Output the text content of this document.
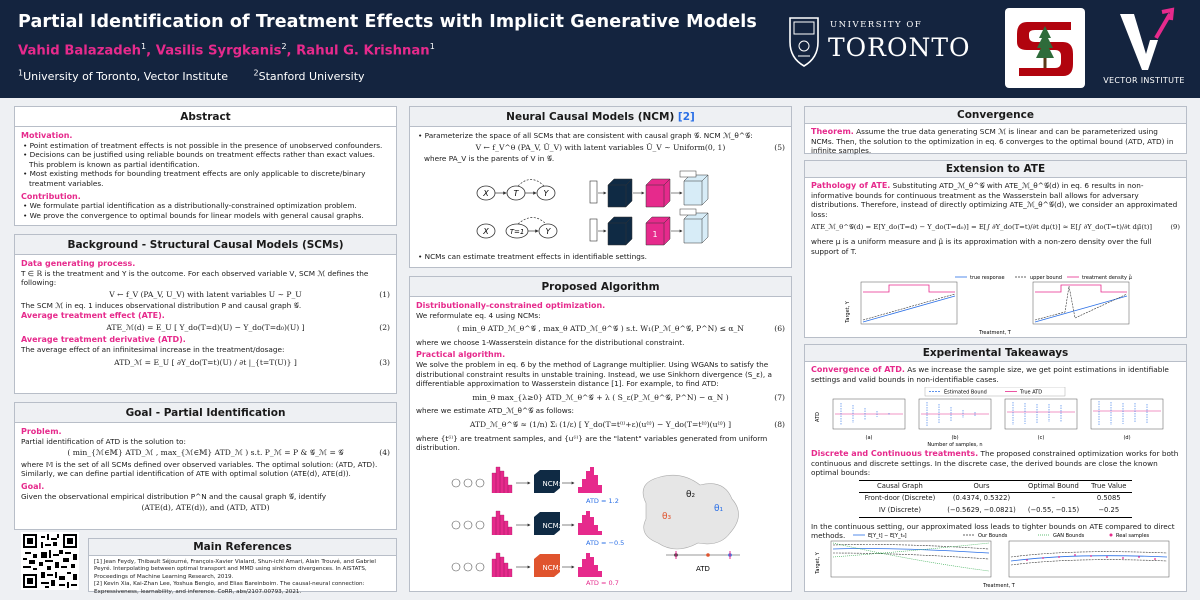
Partial Identification of Treatment Effects with Implicit Generative Models
Vahid Balazadeh$^1$, Vasilis Syrgkanis$^2$, Rahul G. Krishnan$^1$
$^1$University of Toronto, Vector Institute	$^2$Stanford University
UNIVERSITY OF
TORONTO
VECTOR INSTITUTE
Abstract
Motivation.
• Point estimation of treatment effects is not possible in the presence of unobserved confounders.
• Decisions can be justified using reliable bounds on treatment effects rather than exact values. This problem is known as partial identification.
• Most existing methods for bounding treatment effects are only applicable to discrete/binary treatment variables.
Contribution.
• We formulate partial identification as a distributionally-constrained optimization problem.
• We prove the convergence to optimal bounds for linear models with general causal graphs.
Background - Structural Causal Models (SCMs)
Data generating process.
T ∈ ℝ is the treatment and Y is the outcome. For each observed variable V, SCM ℳ defines the following:
V ← f_V (PA_V, U_V) with latent variables U ∼ P_U	(1)
The SCM ℳ in eq. 1 induces observational distribution P and causal graph 𝒢.
Average treatment effect (ATE).
ATE_ℳ(d) = E_U [ Y_do(T=d)(U) − Y_do(T=d₀)(U) ]	(2)
Average treatment derivative (ATD).
The average effect of an infinitesimal increase in the treatment/dosage:
ATD_ℳ = E_U [ ∂Y_do(T=t)(U) / ∂t |_{t=T(U)} ]	(3)
Goal - Partial Identification
Problem.
Partial identification of ATD is the solution to:
( min_{ℳ∈𝕄} ATD_ℳ , max_{ℳ∈𝕄} ATD_ℳ ) s.t. P_ℳ = P & 𝒢_ℳ = 𝒢	(4)
where 𝕄 is the set of all SCMs defined over observed variables. The optimal solution: (ATD, ATD). Similarly, we can define partial identification of ATE with optimal solution (ATE(d), ATE(d)).
Goal.
Given the observational empirical distribution P^N and the causal graph 𝒢, identify
(ATE(d), ATE(d)), and (ATD, ATD)
Main References
[1] Jean Feydy, Thibault Séjourné, François-Xavier Vialard, Shun-ichi Amari, Alain Trouvé, and Gabriel Peyré. Interpolating between optimal transport and MMD using sinkhorn divergences. In AISTATS, Proceedings of Machine Learning Research, 2019.
[2] Kevin Xia, Kai-Zhan Lee, Yoshua Bengio, and Elias Bareinboim. The causal-neural connection: Expressiveness, learnability, and inference. CoRR, abs/2107.00793, 2021.
Neural Causal Models (NCM) [2]
• Parameterize the space of all SCMs that are consistent with causal graph 𝒢. NCM ℳ_θ^𝒢:
V ← f_V^θ (PA_V, Û_V) with latent variables Û_V ∼ Uniform(0, 1)	(5)
where PA_V is the parents of V in 𝒢.
X	T	Y
X	T=1	Y	1
• NCMs can estimate treatment effects in identifiable settings.
Proposed Algorithm
Distributionally-constrained optimization.
We reformulate eq. 4 using NCMs:
( min_θ ATD_ℳ_θ^𝒢 , max_θ ATD_ℳ_θ^𝒢 ) s.t. W₁(P_ℳ_θ^𝒢, P^N) ≤ α_N	(6)
where we choose 1-Wasserstein distance for the distributional constraint.
Practical algorithm.
We solve the problem in eq. 6 by the method of Lagrange multiplier. Using WGANs to satisfy the distributional constraint results in unstable training. Instead, we use Sinkhorn divergence (S_ε), a differentiable approximation to Wasserstein distance [1]. For example, to find ATD:
min_θ max_{λ≥0} ATD_ℳ_θ^𝒢 + λ ( S_ε(P_ℳ_θ^𝒢, P^N) − α_N )	(7)
where we estimate ATD_ℳ_θ^𝒢 as follows:
ATD_ℳ_θ^𝒢 ≈ (1/n) Σᵢ (1/ε) [ Y_do(T=t⁽ⁱ⁾+ε)(u⁽ⁱ⁾) − Y_do(T=t⁽ⁱ⁾)(u⁽ⁱ⁾) ]	(8)
where {t⁽ⁱ⁾} are treatment samples, and {u⁽ⁱ⁾} are the "latent" variables generated from uniform distribution.
NCM₁
ATD = 1.2
NCM₂
ATD = −0.5
NCM₃
ATD = 0.7
θ₂
θ₁
θ₃
ATD
Convergence
Theorem. Assume the true data generating SCM ℳ is linear and can be parameterized using NCMs. Then, the solution to the optimization in eq. 6 converges to the optimal bound (ATD, ATD) in infinite samples.
Extension to ATE
Pathology of ATE. Substituting ATD_ℳ_θ^𝒢 with ATE_ℳ_θ^𝒢(d) in eq. 6 results in non-informative bounds for continuous treatment as the Wasserstein ball allows for adversary distributions. Therefore, instead of directly optimizing ATE_ℳ_θ^𝒢(d), we consider an approximated loss:
ATE_ℳ_θ^𝒢(d) = E[Y_do(T=d) − Y_do(T=d₀)] = E[∫ ∂Y_do(T=t)/∂t dμ(t)] ≈ E[∫ ∂Y_do(T=t)/∂t dμ̃(t)]	(9)
where μ is a uniform measure and μ̃ is its approximation with a non-zero density over the full support of T.
true response	upper bound	treatment density μ̃
Target, Y
Treatment, T
Experimental Takeaways
Convergence of ATD. As we increase the sample size, we get point estimations in identifiable settings and valid bounds in non-identifiable cases.
Estimated Bound	True ATD
ATD
(a)	(b)	(c)	(d)
Number of samples, n
Discrete and Continuous treatments. The proposed constrained optimization works for both continuous and discrete settings. In the discrete case, the derived bounds are close the known optimal bounds:
Causal Graph	Ours	Optimal Bound	True Value
Front-door (Discrete)	(0.4374, 0.5322)	–	0.5085
IV (Discrete)	(−0.5629, −0.0821)	(−0.55, −0.15)	−0.25
In the continuous setting, our approximated loss leads to tighter bounds on ATE compared to direct methods.	E[Y_t] − E[Y_t₀]	Our Bounds	GAN Bounds	Real samples
Target, Y
Treatment, T
